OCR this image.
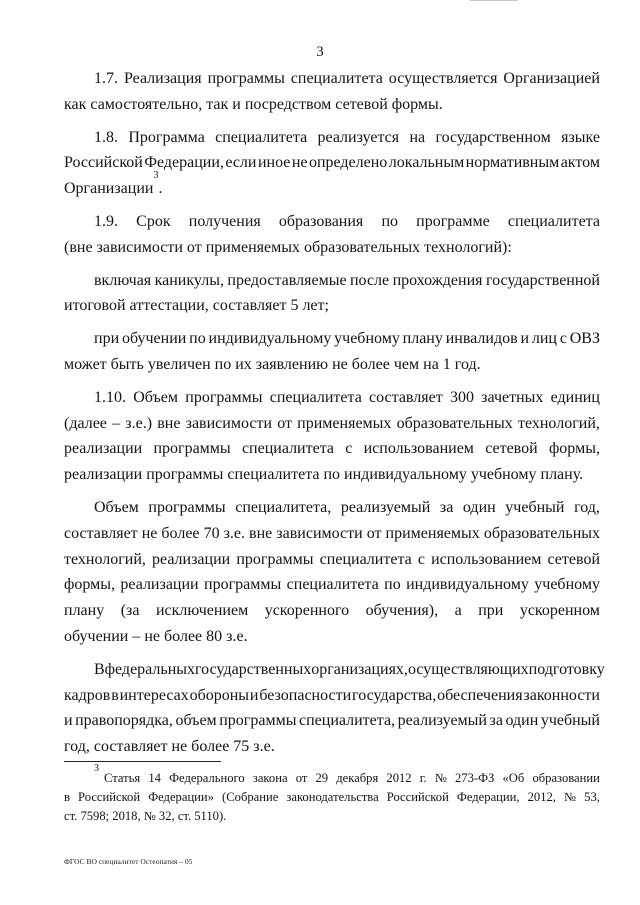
3
1.7. Реализация программы специалитета осуществляется Организацией
как самостоятельно, так и посредством сетевой формы.
1.8. Программа специалитета реализуется на государственном языке
Российской Федерации, если иное не определено локальным нормативным актом
Организации
3
.
1.9. Срок получения образования по программе специалитета
(вне зависимости от применяемых образовательных технологий):
включая каникулы, предоставляемые после прохождения государственной
итоговой аттестации, составляет 5 лет;
при обучении по индивидуальному учебному плану инвалидов и лиц с ОВЗ
может быть увеличен по их заявлению не более чем на 1 год.
1.10. Объем программы специалитета составляет 300 зачетных единиц
(далее – з.е.) вне зависимости от применяемых образовательных технологий,
реализации программы специалитета с использованием сетевой формы,
реализации программы специалитета по индивидуальному учебному плану.
Объем программы специалитета, реализуемый за один учебный год,
составляет не более 70 з.е. вне зависимости от применяемых образовательных
технологий, реализации программы специалитета с использованием сетевой
формы, реализации программы специалитета по индивидуальному учебному
плану (за исключением ускоренного обучения), а при ускоренном
обучении – не более 80 з.е.
В федеральных государственных организациях, осуществляющих подготовку
кадров в интересах обороны и безопасности государства, обеспечения законности
и правопорядка, объем программы специалитета, реализуемый за один учебный
год, составляет не более 75 з.е.
3
Статья 14 Федерального закона от 29 декабря 2012 г. № 273-ФЗ «Об образовании
в Российской Федерации» (Собрание законодательства Российской Федерации, 2012, № 53,
ст. 7598; 2018, № 32, ст. 5110).
ФГОС ВО специалитет Остеопатия – 05
